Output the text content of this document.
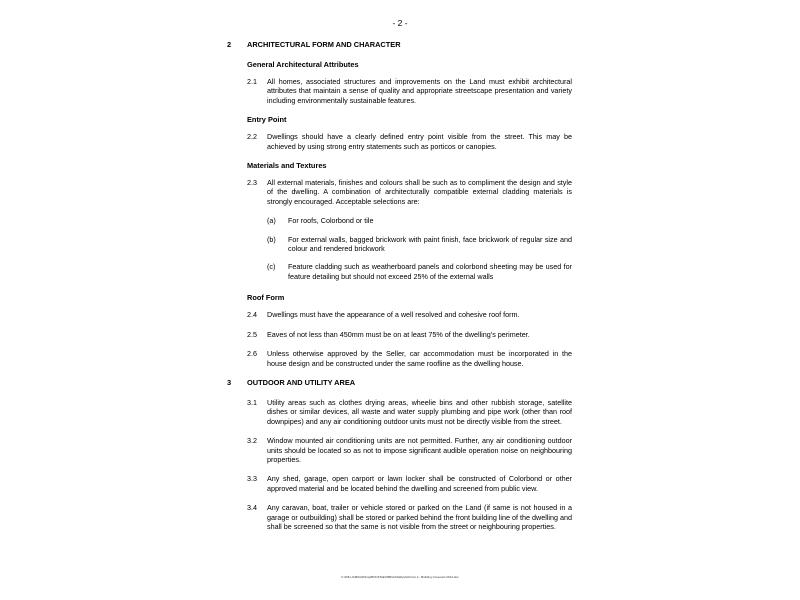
- 2 -
2 ARCHITECTURAL FORM AND CHARACTER
General Architectural Attributes
2.1 All homes, associated structures and improvements on the Land must exhibit architectural attributes that maintain a sense of quality and appropriate streetscape presentation and variety including environmentally sustainable features.
Entry Point
2.2 Dwellings should have a clearly defined entry point visible from the street. This may be achieved by using strong entry statements such as porticos or canopies.
Materials and Textures
2.3 All external materials, finishes and colours shall be such as to compliment the design and style of the dwelling. A combination of architecturally compatible external cladding materials is strongly encouraged. Acceptable selections are:
(a) For roofs, Colorbond or tile
(b) For external walls, bagged brickwork with paint finish, face brickwork of regular size and colour and rendered brickwork
(c) Feature cladding such as weatherboard panels and colorbond sheeting may be used for feature detailing but should not exceed 25% of the external walls
Roof Form
2.4 Dwellings must have the appearance of a well resolved and cohesive roof form.
2.5 Eaves of not less than 450mm must be on at least 75% of the dwelling’s perimeter.
2.6 Unless otherwise approved by the Seller, car accommodation must be incorporated in the house design and be constructed under the same roofline as the dwelling house.
3 OUTDOOR AND UTILITY AREA
3.1 Utility areas such as clothes drying areas, wheelie bins and other rubbish storage, satellite dishes or similar devices, all waste and water supply plumbing and pipe work (other than roof downpipes) and any air conditioning outdoor units must not be directly visible from the street.
3.2 Window mounted air conditioning units are not permitted. Further, any air conditioning outdoor units should be located so as not to impose significant audible operation noise on neighbouring properties.
3.3 Any shed, garage, open carport or lawn locker shall be constructed of Colorbond or other approved material and be located behind the dwelling and screened from public view.
3.4 Any caravan, boat, trailer or vehicle stored or parked on the Land (if same is not housed in a garage or outbuilding) shall be stored or parked behind the front building line of the dwelling and shall be screened so that the same is not visible from the street or neighbouring properties.
F:\WILLIAMS\ADSinq\BOOKS\EVMB\Jul\Dally\Attchmnt 2 - Building Covenant 2014.doc
